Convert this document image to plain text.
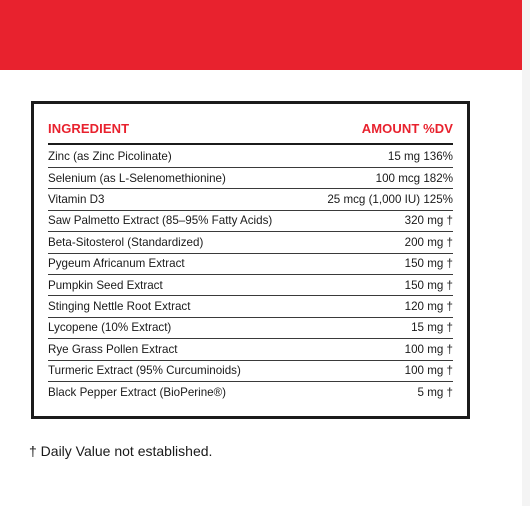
INGREDIENT	AMOUNT %DV
Zinc (as Zinc Picolinate)	15 mg 136%
Selenium (as L-Selenomethionine)	100 mcg 182%
Vitamin D3	25 mcg (1,000 IU) 125%
Saw Palmetto Extract (85–95% Fatty Acids)	320 mg †
Beta-Sitosterol (Standardized)	200 mg †
Pygeum Africanum Extract	150 mg †
Pumpkin Seed Extract	150 mg †
Stinging Nettle Root Extract	120 mg †
Lycopene (10% Extract)	15 mg †
Rye Grass Pollen Extract	100 mg †
Turmeric Extract (95% Curcuminoids)	100 mg †
Black Pepper Extract (BioPerine®)	5 mg †
† Daily Value not established.
